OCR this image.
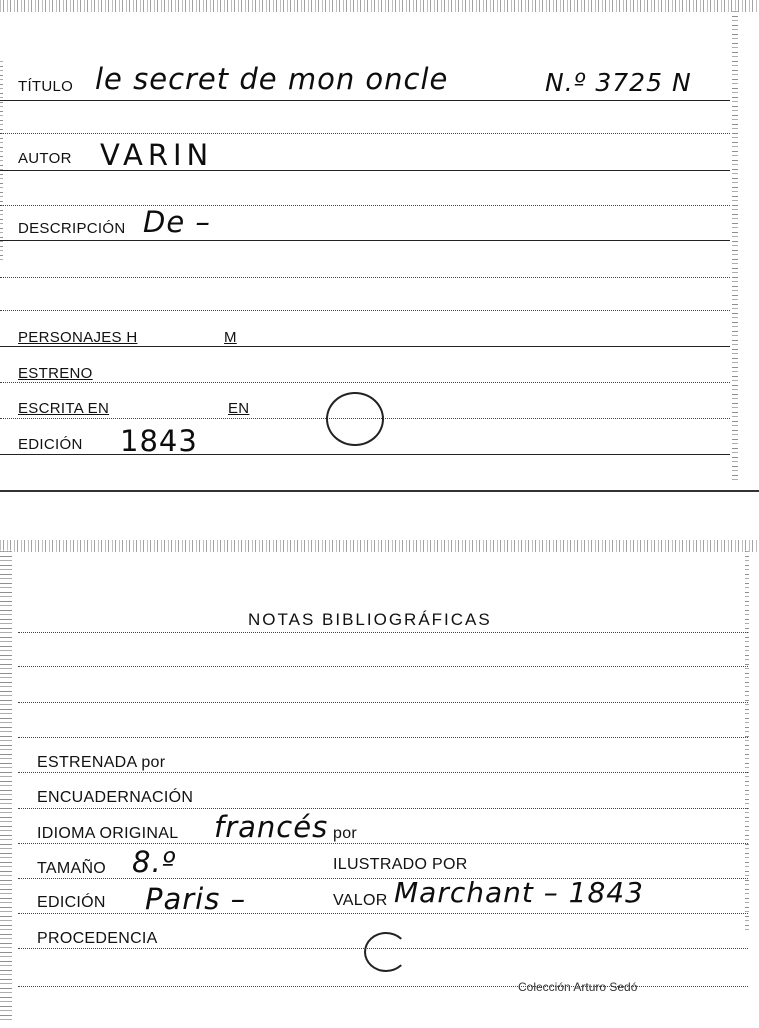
TÍTULO le secret de mon oncle	N.º 3725 N
AUTOR VARIN
DESCRIPCIÓN De –
PERSONAJES H	M
ESTRENO
ESCRITA EN	EN
EDICIÓN 1843
NOTAS BIBLIOGRÁFICAS
ESTRENADA por
ENCUADERNACIÓN
IDIOMA ORIGINAL francés por
TAMAÑO 8.º	ILUSTRADO POR
EDICIÓN Paris –	VALOR Marchant – 1843
PROCEDENCIA
Colección Arturo Sedó
